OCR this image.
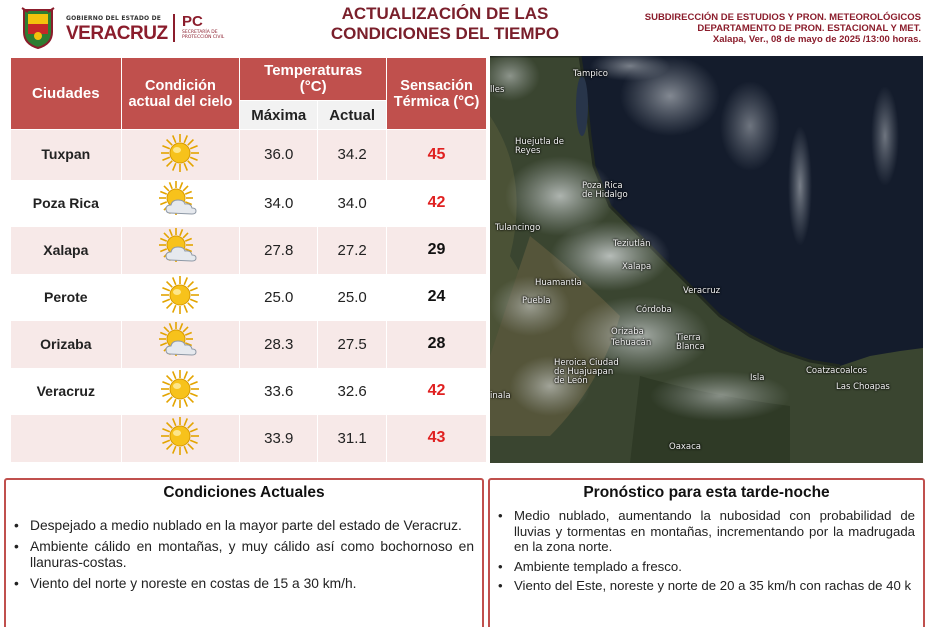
GOBIERNO DEL ESTADO DE
VERACRUZ
PC
SECRETARÍA DE PROTECCIÓN CIVIL
ACTUALIZACIÓN DE LAS
CONDICIONES DEL TIEMPO
SUBDIRECCIÓN DE ESTUDIOS Y PRON. METEOROLÓGICOS
DEPARTAMENTO DE PRON. ESTACIONAL Y MET.
Xalapa, Ver., 08 de mayo de 2025 /13:00 horas.
Ciudades	Condición actual del cielo	Temperaturas (°C)		Sensación Térmica (°C)
		Máxima	Actual	
Tuxpan		36.0	34.2	45
Poza Rica		34.0	34.0	42
Xalapa		27.8	27.2	29
Perote		25.0	25.0	24
Orizaba		28.3	27.5	28
Veracruz		33.6	32.6	42
		33.9	31.1	43
Tampico
Huejutla de Reyes
Poza Rica de Hidalgo
Tulancingo
Teziutlán
Xalapa
Huamantla
Puebla
Veracruz
Córdoba
Orizaba
Tehuacán	Tierra Blanca
Heroica Ciudad de Huajuapan de León	Isla
Coatzacoalcos
Las Choapas
Oaxaca
inala
lles
Condiciones Actuales
• Despejado a medio nublado en la mayor parte del estado de Veracruz.
• Ambiente cálido en montañas, y muy cálido así como bochornoso en llanuras-costas.
• Viento del norte y noreste en costas de 15 a 30 km/h.
Pronóstico para esta tarde-noche
• Medio nublado, aumentando la nubosidad con probabilidad de lluvias y tormentas en montañas, incrementando por la madrugada en la zona norte.
• Ambiente templado a fresco.
• Viento del Este, noreste y norte de 20 a 35 km/h con rachas de 40 k
